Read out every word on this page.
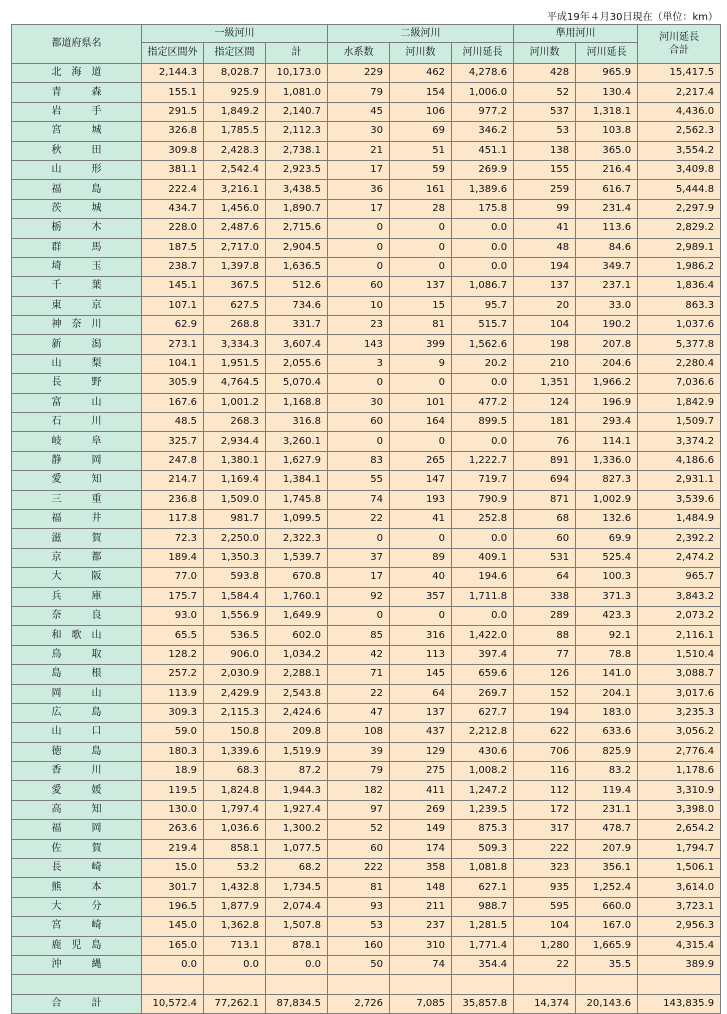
平成19年４月30日現在（単位：km）
都道府県名	一級河川			二級河川			準用河川		河川延長
合計
	指定区間外	指定区間	計	水系数	河川数	河川延長	河川数	河川延長	
北　海　道	2,144.3	8,028.7	10,173.0	229	462	4,278.6	428	965.9	15,417.5
青　　　森	155.1	925.9	1,081.0	79	154	1,006.0	52	130.4	2,217.4
岩　　　手	291.5	1,849.2	2,140.7	45	106	977.2	537	1,318.1	4,436.0
宮　　　城	326.8	1,785.5	2,112.3	30	69	346.2	53	103.8	2,562.3
秋　　　田	309.8	2,428.3	2,738.1	21	51	451.1	138	365.0	3,554.2
山　　　形	381.1	2,542.4	2,923.5	17	59	269.9	155	216.4	3,409.8
福　　　島	222.4	3,216.1	3,438.5	36	161	1,389.6	259	616.7	5,444.8
茨　　　城	434.7	1,456.0	1,890.7	17	28	175.8	99	231.4	2,297.9
栃　　　木	228.0	2,487.6	2,715.6	0	0	0.0	41	113.6	2,829.2
群　　　馬	187.5	2,717.0	2,904.5	0	0	0.0	48	84.6	2,989.1
埼　　　玉	238.7	1,397.8	1,636.5	0	0	0.0	194	349.7	1,986.2
千　　　葉	145.1	367.5	512.6	60	137	1,086.7	137	237.1	1,836.4
東　　　京	107.1	627.5	734.6	10	15	95.7	20	33.0	863.3
神　奈　川	62.9	268.8	331.7	23	81	515.7	104	190.2	1,037.6
新　　　潟	273.1	3,334.3	3,607.4	143	399	1,562.6	198	207.8	5,377.8
山　　　梨	104.1	1,951.5	2,055.6	3	9	20.2	210	204.6	2,280.4
長　　　野	305.9	4,764.5	5,070.4	0	0	0.0	1,351	1,966.2	7,036.6
富　　　山	167.6	1,001.2	1,168.8	30	101	477.2	124	196.9	1,842.9
石　　　川	48.5	268.3	316.8	60	164	899.5	181	293.4	1,509.7
岐　　　阜	325.7	2,934.4	3,260.1	0	0	0.0	76	114.1	3,374.2
静　　　岡	247.8	1,380.1	1,627.9	83	265	1,222.7	891	1,336.0	4,186.6
愛　　　知	214.7	1,169.4	1,384.1	55	147	719.7	694	827.3	2,931.1
三　　　重	236.8	1,509.0	1,745.8	74	193	790.9	871	1,002.9	3,539.6
福　　　井	117.8	981.7	1,099.5	22	41	252.8	68	132.6	1,484.9
滋　　　賀	72.3	2,250.0	2,322.3	0	0	0.0	60	69.9	2,392.2
京　　　都	189.4	1,350.3	1,539.7	37	89	409.1	531	525.4	2,474.2
大　　　阪	77.0	593.8	670.8	17	40	194.6	64	100.3	965.7
兵　　　庫	175.7	1,584.4	1,760.1	92	357	1,711.8	338	371.3	3,843.2
奈　　　良	93.0	1,556.9	1,649.9	0	0	0.0	289	423.3	2,073.2
和　歌　山	65.5	536.5	602.0	85	316	1,422.0	88	92.1	2,116.1
鳥　　　取	128.2	906.0	1,034.2	42	113	397.4	77	78.8	1,510.4
島　　　根	257.2	2,030.9	2,288.1	71	145	659.6	126	141.0	3,088.7
岡　　　山	113.9	2,429.9	2,543.8	22	64	269.7	152	204.1	3,017.6
広　　　島	309.3	2,115.3	2,424.6	47	137	627.7	194	183.0	3,235.3
山　　　口	59.0	150.8	209.8	108	437	2,212.8	622	633.6	3,056.2
徳　　　島	180.3	1,339.6	1,519.9	39	129	430.6	706	825.9	2,776.4
香　　　川	18.9	68.3	87.2	79	275	1,008.2	116	83.2	1,178.6
愛　　　媛	119.5	1,824.8	1,944.3	182	411	1,247.2	112	119.4	3,310.9
高　　　知	130.0	1,797.4	1,927.4	97	269	1,239.5	172	231.1	3,398.0
福　　　岡	263.6	1,036.6	1,300.2	52	149	875.3	317	478.7	2,654.2
佐　　　賀	219.4	858.1	1,077.5	60	174	509.3	222	207.9	1,794.7
長　　　崎	15.0	53.2	68.2	222	358	1,081.8	323	356.1	1,506.1
熊　　　本	301.7	1,432.8	1,734.5	81	148	627.1	935	1,252.4	3,614.0
大　　　分	196.5	1,877.9	2,074.4	93	211	988.7	595	660.0	3,723.1
宮　　　崎	145.0	1,362.8	1,507.8	53	237	1,281.5	104	167.0	2,956.3
鹿　児　島	165.0	713.1	878.1	160	310	1,771.4	1,280	1,665.9	4,315.4
沖　　　縄	0.0	0.0	0.0	50	74	354.4	22	35.5	389.9

合　　　計	10,572.4	77,262.1	87,834.5	2,726	7,085	35,857.8	14,374	20,143.6	143,835.9
